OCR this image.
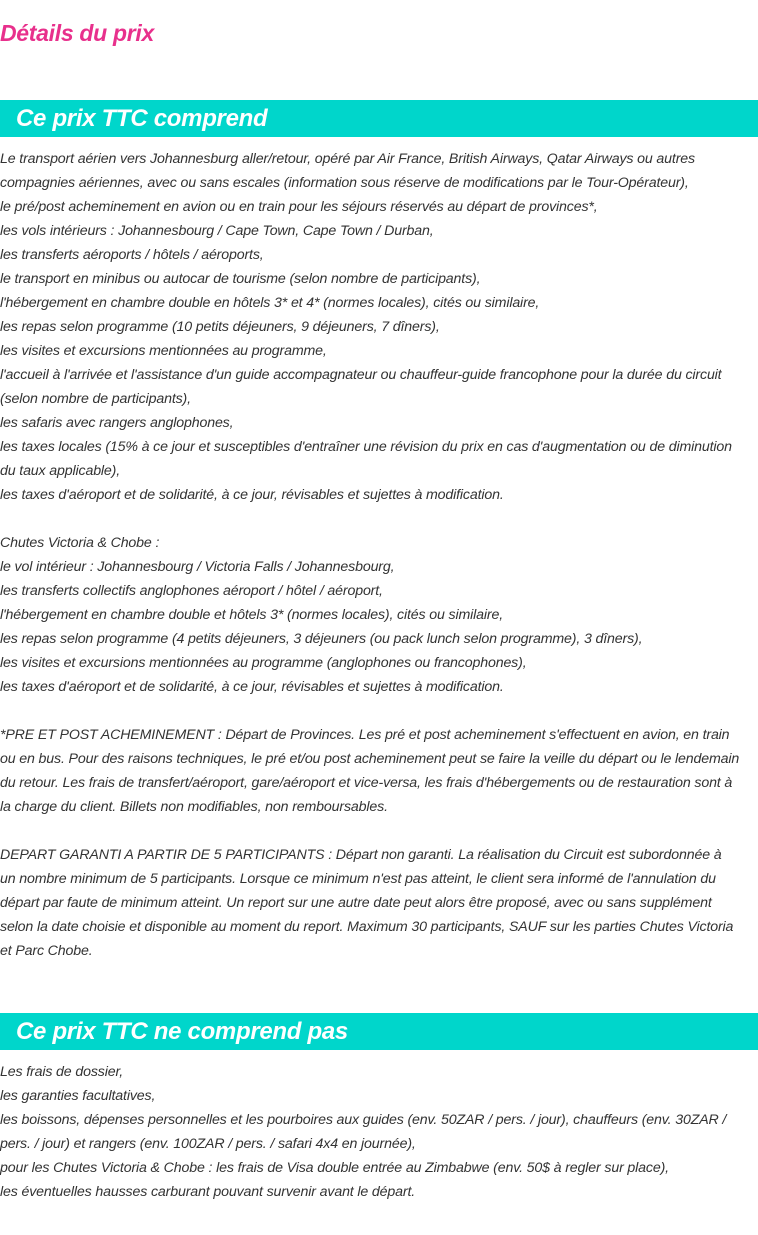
Détails du prix
Ce prix TTC comprend
Le transport aérien vers Johannesburg aller/retour, opéré par Air France, British Airways, Qatar Airways ou autres
compagnies aériennes, avec ou sans escales (information sous réserve de modifications par le Tour-Opérateur),
le pré/post acheminement en avion ou en train pour les séjours réservés au départ de provinces*,
les vols intérieurs : Johannesbourg / Cape Town, Cape Town / Durban,
les transferts aéroports / hôtels / aéroports,
le transport en minibus ou autocar de tourisme (selon nombre de participants),
l'hébergement en chambre double en hôtels 3* et 4* (normes locales), cités ou similaire,
les repas selon programme (10 petits déjeuners, 9 déjeuners, 7 dîners),
les visites et excursions mentionnées au programme,
l'accueil à l'arrivée et l'assistance d'un guide accompagnateur ou chauffeur-guide francophone pour la durée du circuit
(selon nombre de participants),
les safaris avec rangers anglophones,
les taxes locales (15% à ce jour et susceptibles d'entraîner une révision du prix en cas d'augmentation ou de diminution
du taux applicable),
les taxes d'aéroport et de solidarité, à ce jour, révisables et sujettes à modification.
Chutes Victoria & Chobe :
le vol intérieur : Johannesbourg / Victoria Falls / Johannesbourg,
les transferts collectifs anglophones aéroport / hôtel / aéroport,
l'hébergement en chambre double et hôtels 3* (normes locales), cités ou similaire,
les repas selon programme (4 petits déjeuners, 3 déjeuners (ou pack lunch selon programme), 3 dîners),
les visites et excursions mentionnées au programme (anglophones ou francophones),
les taxes d'aéroport et de solidarité, à ce jour, révisables et sujettes à modification.
*PRE ET POST ACHEMINEMENT : Départ de Provinces. Les pré et post acheminement s'effectuent en avion, en train
ou en bus. Pour des raisons techniques, le pré et/ou post acheminement peut se faire la veille du départ ou le lendemain
du retour. Les frais de transfert/aéroport, gare/aéroport et vice-versa, les frais d'hébergements ou de restauration sont à
la charge du client. Billets non modifiables, non remboursables.
DEPART GARANTI A PARTIR DE 5 PARTICIPANTS : Départ non garanti. La réalisation du Circuit est subordonnée à
un nombre minimum de 5 participants. Lorsque ce minimum n'est pas atteint, le client sera informé de l'annulation du
départ par faute de minimum atteint. Un report sur une autre date peut alors être proposé, avec ou sans supplément
selon la date choisie et disponible au moment du report. Maximum 30 participants, SAUF sur les parties Chutes Victoria
et Parc Chobe.
Ce prix TTC ne comprend pas
Les frais de dossier,
les garanties facultatives,
les boissons, dépenses personnelles et les pourboires aux guides (env. 50ZAR / pers. / jour), chauffeurs (env. 30ZAR /
pers. / jour) et rangers (env. 100ZAR / pers. / safari 4x4 en journée),
pour les Chutes Victoria & Chobe : les frais de Visa double entrée au Zimbabwe (env. 50$ à regler sur place),
les éventuelles hausses carburant pouvant survenir avant le départ.
